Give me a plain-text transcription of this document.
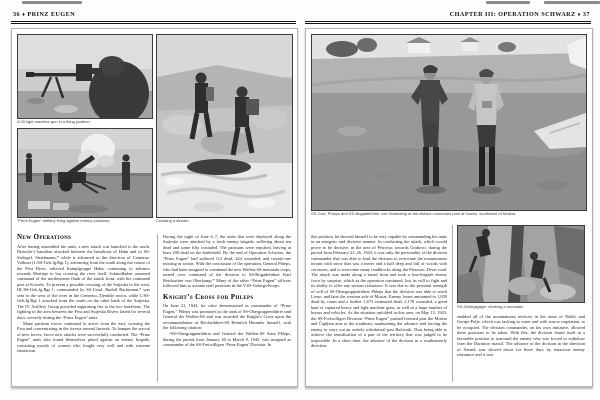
36 ♦ PRINZ EUGEN
A 20 light machine gun in a firing position.
“Prinz Eugen” artillery firing against enemy positions.	Crossing a stream.
New Operations

After having assembled the units, a new attack was launched to the north. Dietsche’s battalion attacked between the battalions of Hahn and of SS-Stabsgef. Strathmann,* while it advanced in the direction of Cemerno. Vollmer (I./SS-Geb.Jg.Rgt 1), advancing from the south along the course of the Piva River, relieved Kampfgruppe Hahn, continuing to advance towards Mratinje to bar crossing the river itself. Schmidhuber assumed command of the northeastern flank of the attack front, with his command post at Krivido. To prevent a possible crossing of the Sutjeska to the west, III./SS-Geb.Jg.Rgt 1, commanded by SS-Ustuf. Rudolf Bachmann,* was sent to the west of the river in the Cemerno–Tjentište sector, while I./SS-Geb.Jg.Rgt 1 attacked from the south on the other bank of the Sutjeska. The IV. Artillery Group provided supporting fire to the two battalions. The fighting in the area between the Piva and Sutjeska Rivers lasted for several days, severely testing the “Prinz Eugen” units.

Many partisan forces continued to arrive from the east, crossing the Piva and concentrating in the forests around Javorak. To hamper the arrival of new forces, fierce new attacks were successfully conducted. The “Prinz Eugen” units also found themselves pitted against an enemy brigade, consisting mostly of women who fought very well and with extreme fanaticism.

During the night of June 6–7, the units that were deployed along the Sutjeska were attacked by a fresh enemy brigade, suffering about ten dead and some fifty wounded. The partisans were repulsed, leaving at least 200 dead on the battlefield. By the end of Operation Schwarz, the “Prinz Eugen” had suffered 112 dead, 424 wounded, and twenty-one missing in action. With the conclusion of the operation, General Phleps, who had been assigned to command the new Waffen-SS mountain corps, turned over command of the division to SS-Brigadeführer Karl Reichsritter von Oberkamp.* Many of the other “Prinz Eugen” officers followed him to assume staff positions in the V.SS-Gebirgs-Korps.

Knight’s Cross for Phleps

On June 21, 1943, for valor demonstrated as commander of “Prinz Eugen,” Phleps was promoted to the rank of SS-Obergruppenführer und General der Waffen-SS and was awarded the Knight’s Cross upon the recommendation of Reichsführer-SS Heinrich Himmler himself, with the following citation:

“SS-Obergruppenführer and General der Waffen-SS Artur Phleps, during the period from January 20 to March 9, 1943, was assigned as commander of the SS-Freiwilligen ‘Prinz Eugen’ Division. In

CHAPTER III: OPERATION SCHWARZ ♦ 37
SS-Gruf. Phleps and SS-Brigadeführer von Oberkamp at the division command post at Gacko, southwest of Mostar.

this position, he showed himself to be very capable by commanding his units in an energetic and decisive manner. In conducting the attack, which would prove to be decisive, in the area of Petrovac towards Grahovo, during the period from February 21–26, 1943, it was only the personality of the division commander that was able to lead the division to overcome the mountainous terrain with snow that was a meter and a half deep and full of woods with crevasses, and to overcome many roadblocks along the Petrovac–Drvar road. The attack was made along a broad front and took a four-brigade enemy force by surprise, which as the operation continued, lost its will to fight and its ability to offer any serious resistance. It was due to the personal strength of will of SS-Obergruppenführer Phleps that the division was able to reach Livno, and later the western side of Mostar. Enemy losses amounted to 1,850 dead by count and a further 1,673 estimated dead, 2,178 wounded, a great haul of captured heavy and light machine guns, as well as a large number of horses and vehicles. As the situation unfolded in this area, on May 15, 1943, the SS-Freiwilligen Division “Prinz Eugen” pushed forward past the Mostar and Čapljina area to the southeast, maintaining the advance and forcing the enemy to carry out an orderly withdrawal past Bačarnik. Thus being able to achieve the reunification of a part of the territory that was judged to be impossible. In a short time, the advance of the division in a southeasterly direction

SS-Gebirgsjäger climbing a mountain.

enabled all of the mountainous territory in the areas of Nikšić and Gornje-Polje, which was lacking in water and with scarce vegetation, to be occupied. The division commander, on his own initiative, allowed these positions to be taken. With this, the division found itself in a favorable position to surround the enemy who was forced to withdraw from the Durmitor massif. The advance of the division in the direction of Šavnik was slowed down for three days by tenacious enemy resistance and it was
